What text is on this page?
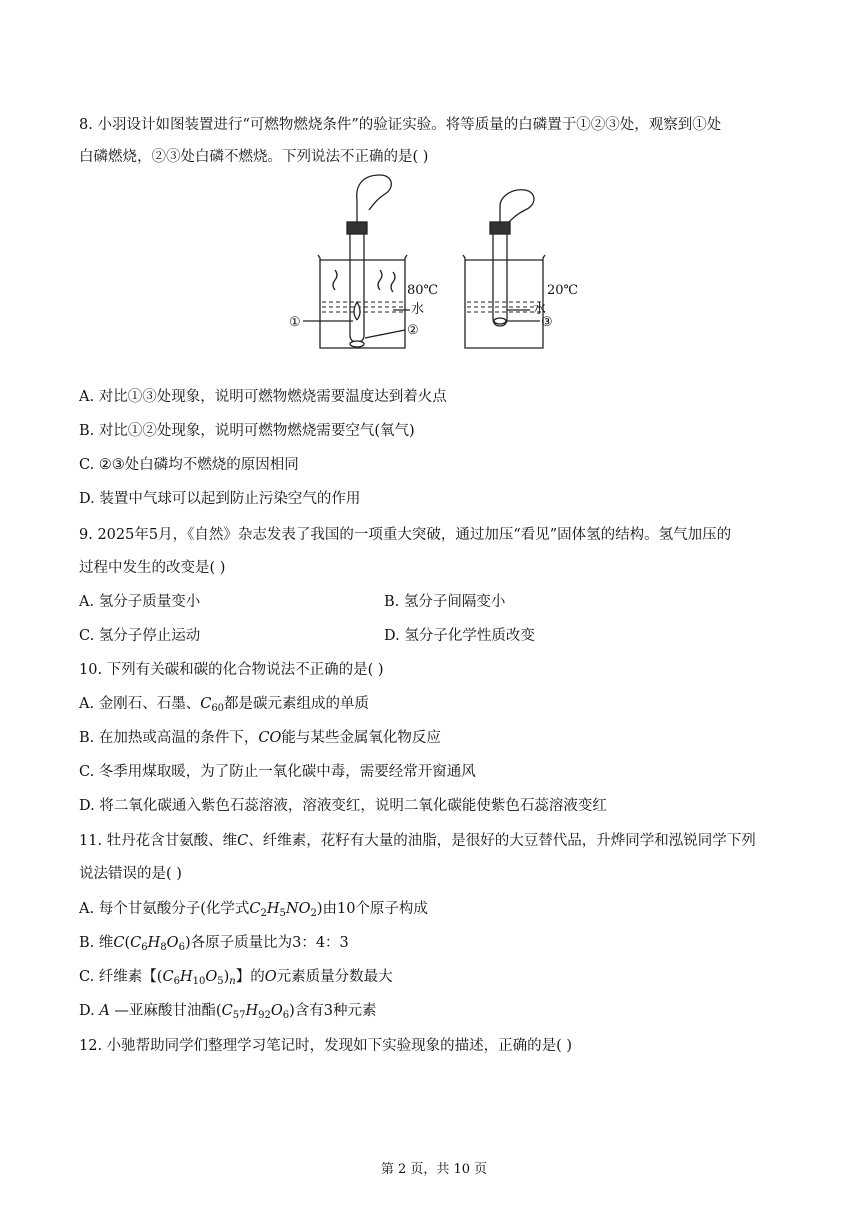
8. 小羽设计如图装置进行“可燃物燃烧条件”的验证实验。将等质量的白磷置于①②③处，观察到①处
白磷燃烧，②③处白磷不燃烧。下列说法不正确的是( )
80℃
水
①
②
20℃
水
③
A. 对比①③处现象，说明可燃物燃烧需要温度达到着火点
B. 对比①②处现象，说明可燃物燃烧需要空气(氧气)
C. ②③处白磷均不燃烧的原因相同
D. 装置中气球可以起到防止污染空气的作用
9. 2025年5月，《自然》杂志发表了我国的一项重大突破，通过加压“看见”固体氢的结构。氢气加压的
过程中发生的改变是( )
A. 氢分子质量变小	B. 氢分子间隔变小
C. 氢分子停止运动	D. 氢分子化学性质改变
10. 下列有关碳和碳的化合物说法不正确的是( )
A. 金刚石、石墨、$C_{60}$都是碳元素组成的单质
B. 在加热或高温的条件下，CO能与某些金属氧化物反应
C. 冬季用煤取暖，为了防止一氧化碳中毒，需要经常开窗通风
D. 将二氧化碳通入紫色石蕊溶液，溶液变红，说明二氧化碳能使紫色石蕊溶液变红
11. 牡丹花含甘氨酸、维C、纤维素，花籽有大量的油脂，是很好的大豆替代品，升烨同学和泓锐同学下列
说法错误的是( )
A. 每个甘氨酸分子(化学式$C_2H_5NO_2$)由10个原子构成
B. 维$C(C_6H_8O_6)$各原子质量比为3：4：3
C. 纤维素【$(C_6H_{10}O_5)_n$】的O元素质量分数最大
D. A —亚麻酸甘油酯$(C_{57}H_{92}O_6)$含有3种元素
12. 小驰帮助同学们整理学习笔记时，发现如下实验现象的描述，正确的是( )
第 2 页，共 10 页
